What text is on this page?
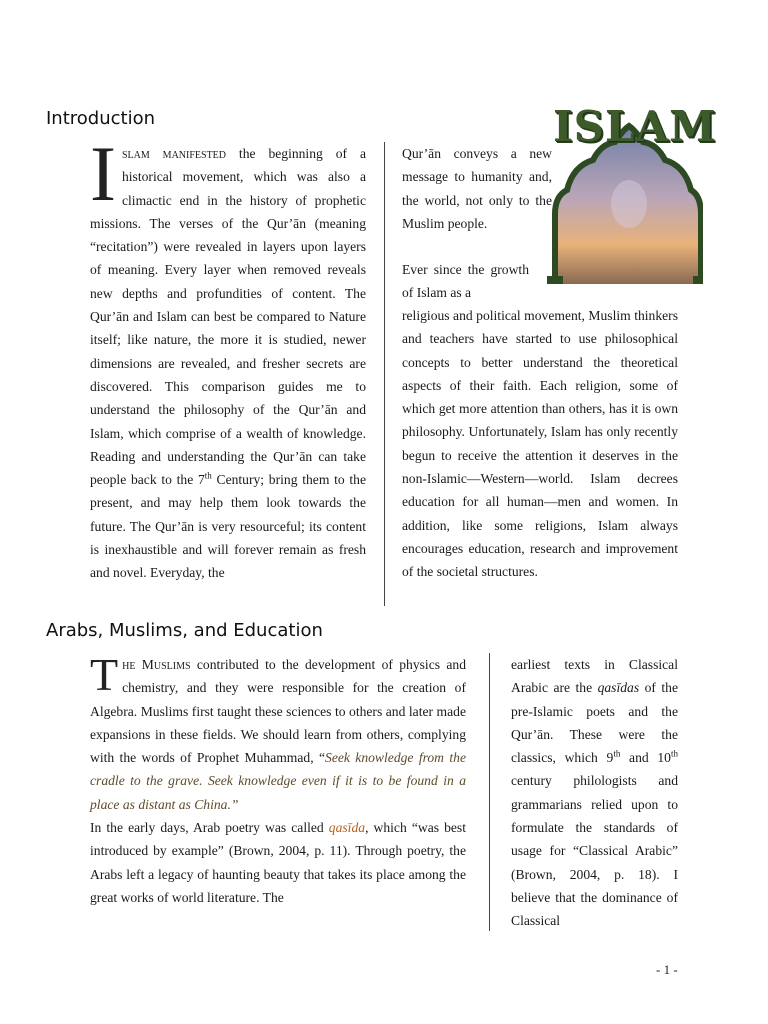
Introduction

Islam manifested the beginning of a historical movement, which was also a climactic end in the history of prophetic missions. The verses of the Qur’ān (meaning “recitation”) were revealed in layers upon layers of meaning. Every layer when removed reveals new depths and profundities of content. The Qur’ān and Islam can best be compared to Nature itself; like nature, the more it is studied, newer dimensions are revealed, and fresher secrets are discovered. This comparison guides me to understand the philosophy of the Qur’ān and Islam, which comprise of a wealth of knowledge. Reading and understanding the Qur’ān can take people back to the 7th Century; bring them to the present, and may help them look towards the future. The Qur’ān is very resourceful; its content is inexhaustible and will forever remain as fresh and novel. Everyday, the

Qur’ān conveys a new message to humanity and, the world, not only to the Muslim people.

Ever since the growth of Islam as a

religious and political movement, Muslim thinkers and teachers have started to use philosophical concepts to better understand the theoretical aspects of their faith. Each religion, some of which get more attention than others, has it is own philosophy. Unfortunately, Islam has only recently begun to receive the attention it deserves in the non-Islamic—Western—world. Islam decrees education for all human—men and women. In addition, like some religions, Islam always encourages education, research and improvement of the societal structures.

ISLAM
Arabs, Muslims, and Education

The Muslims contributed to the development of physics and chemistry, and they were responsible for the creation of Algebra. Muslims first taught these sciences to others and later made expansions in these fields. We should learn from others, complying with the words of Prophet Muhammad, “Seek knowledge from the cradle to the grave. Seek knowledge even if it is to be found in a place as distant as China.”

In the early days, Arab poetry was called qasīda, which “was best introduced by example” (Brown, 2004, p. 11). Through poetry, the Arabs left a legacy of haunting beauty that takes its place among the great works of world literature. The

earliest texts in Classical Arabic are the qasīdas of the pre-Islamic poets and the Qur’ān. These were the classics, which 9th and 10th century philologists and grammarians relied upon to formulate the standards of usage for “Classical Arabic” (Brown, 2004, p. 18). I believe that the dominance of Classical

- 1 -
